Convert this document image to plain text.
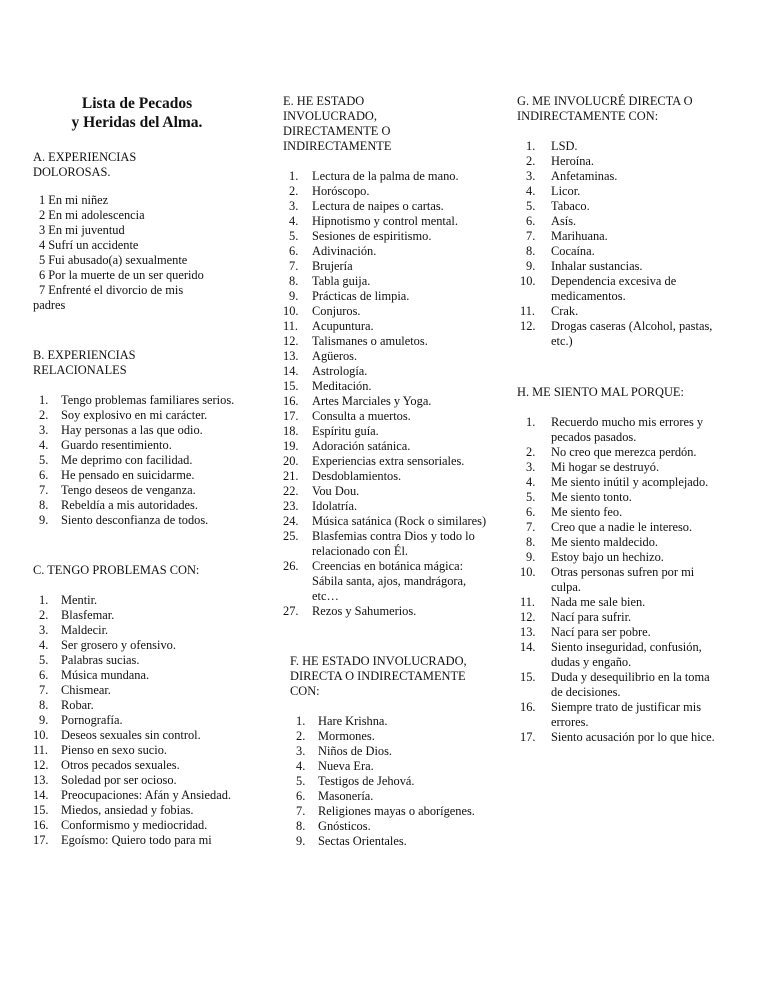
Lista de Pecados
y Heridas del Alma.
A. EXPERIENCIAS DOLOROSAS.
1 En mi niñez
2 En mi adolescencia
3 En mi juventud
4 Sufrí un accidente
5 Fui abusado(a) sexualmente
6 Por la muerte de un ser querido
7 Enfrenté el divorcio de mis padres
B. EXPERIENCIAS RELACIONALES
1.	Tengo problemas familiares serios.
2.	Soy explosivo en mi carácter.
3.	Hay personas a las que odio.
4.	Guardo resentimiento.
5.	Me deprimo con facilidad.
6.	He pensado en suicidarme.
7.	Tengo deseos de venganza.
8.	Rebeldía a mis autoridades.
9.	Siento desconfianza de todos.
C. TENGO PROBLEMAS CON:
1.	Mentir.
2.	Blasfemar.
3.	Maldecir.
4.	Ser grosero y ofensivo.
5.	Palabras sucias.
6.	Música mundana.
7.	Chismear.
8.	Robar.
9.	Pornografía.
10.	Deseos sexuales sin control.
11.	Pienso en sexo sucio.
12.	Otros pecados sexuales.
13.	Soledad por ser ocioso.
14.	Preocupaciones: Afán y Ansiedad.
15.	Miedos, ansiedad y fobias.
16.	Conformismo y mediocridad.
17.	Egoísmo: Quiero todo para mi
E. HE ESTADO INVOLUCRADO, DIRECTAMENTE O INDIRECTAMENTE
1.	Lectura de la palma de mano.
2.	Horóscopo.
3.	Lectura de naipes o cartas.
4.	Hipnotismo y control mental.
5.	Sesiones de espiritismo.
6.	Adivinación.
7.	Brujería
8.	Tabla guija.
9.	Prácticas de limpia.
10.	Conjuros.
11.	Acupuntura.
12.	Talismanes o amuletos.
13.	Agüeros.
14.	Astrología.
15.	Meditación.
16.	Artes Marciales y Yoga.
17.	Consulta a muertos.
18.	Espíritu guía.
19.	Adoración satánica.
20.	Experiencias extra sensoriales.
21.	Desdoblamientos.
22.	Vou Dou.
23.	Idolatría.
24.	Música satánica (Rock o similares)
25.	Blasfemias contra Dios y todo lo relacionado con Él.
26.	Creencias en botánica mágica: Sábila santa, ajos, mandrágora, etc…
27.	Rezos y Sahumerios.
F. HE ESTADO INVOLUCRADO, DIRECTA O INDIRECTAMENTE CON:
1.	Hare Krishna.
2.	Mormones.
3.	Niños de Dios.
4.	Nueva Era.
5.	Testigos de Jehová.
6.	Masonería.
7.	Religiones mayas o aborígenes.
8.	Gnósticos.
9.	Sectas Orientales.
G. ME INVOLUCRÉ DIRECTA O INDIRECTAMENTE CON:
1.	LSD.
2.	Heroína.
3.	Anfetaminas.
4.	Licor.
5.	Tabaco.
6.	Asís.
7.	Marihuana.
8.	Cocaína.
9.	Inhalar sustancias.
10.	Dependencia excesiva de medicamentos.
11.	Crak.
12.	Drogas caseras (Alcohol, pastas, etc.)
H. ME SIENTO MAL PORQUE:
1.	Recuerdo mucho mis errores y pecados pasados.
2.	No creo que merezca perdón.
3.	Mi hogar se destruyó.
4.	Me siento inútil y acomplejado.
5.	Me siento tonto.
6.	Me siento feo.
7.	Creo que a nadie le intereso.
8.	Me siento maldecido.
9.	Estoy bajo un hechizo.
10.	Otras personas sufren por mi culpa.
11.	Nada me sale bien.
12.	Nací para sufrir.
13.	Nací para ser pobre.
14.	Siento inseguridad, confusión, dudas y engaño.
15.	Duda y desequilibrio en la toma de decisiones.
16.	Siempre trato de justificar mis errores.
17.	Siento acusación por lo que hice.
